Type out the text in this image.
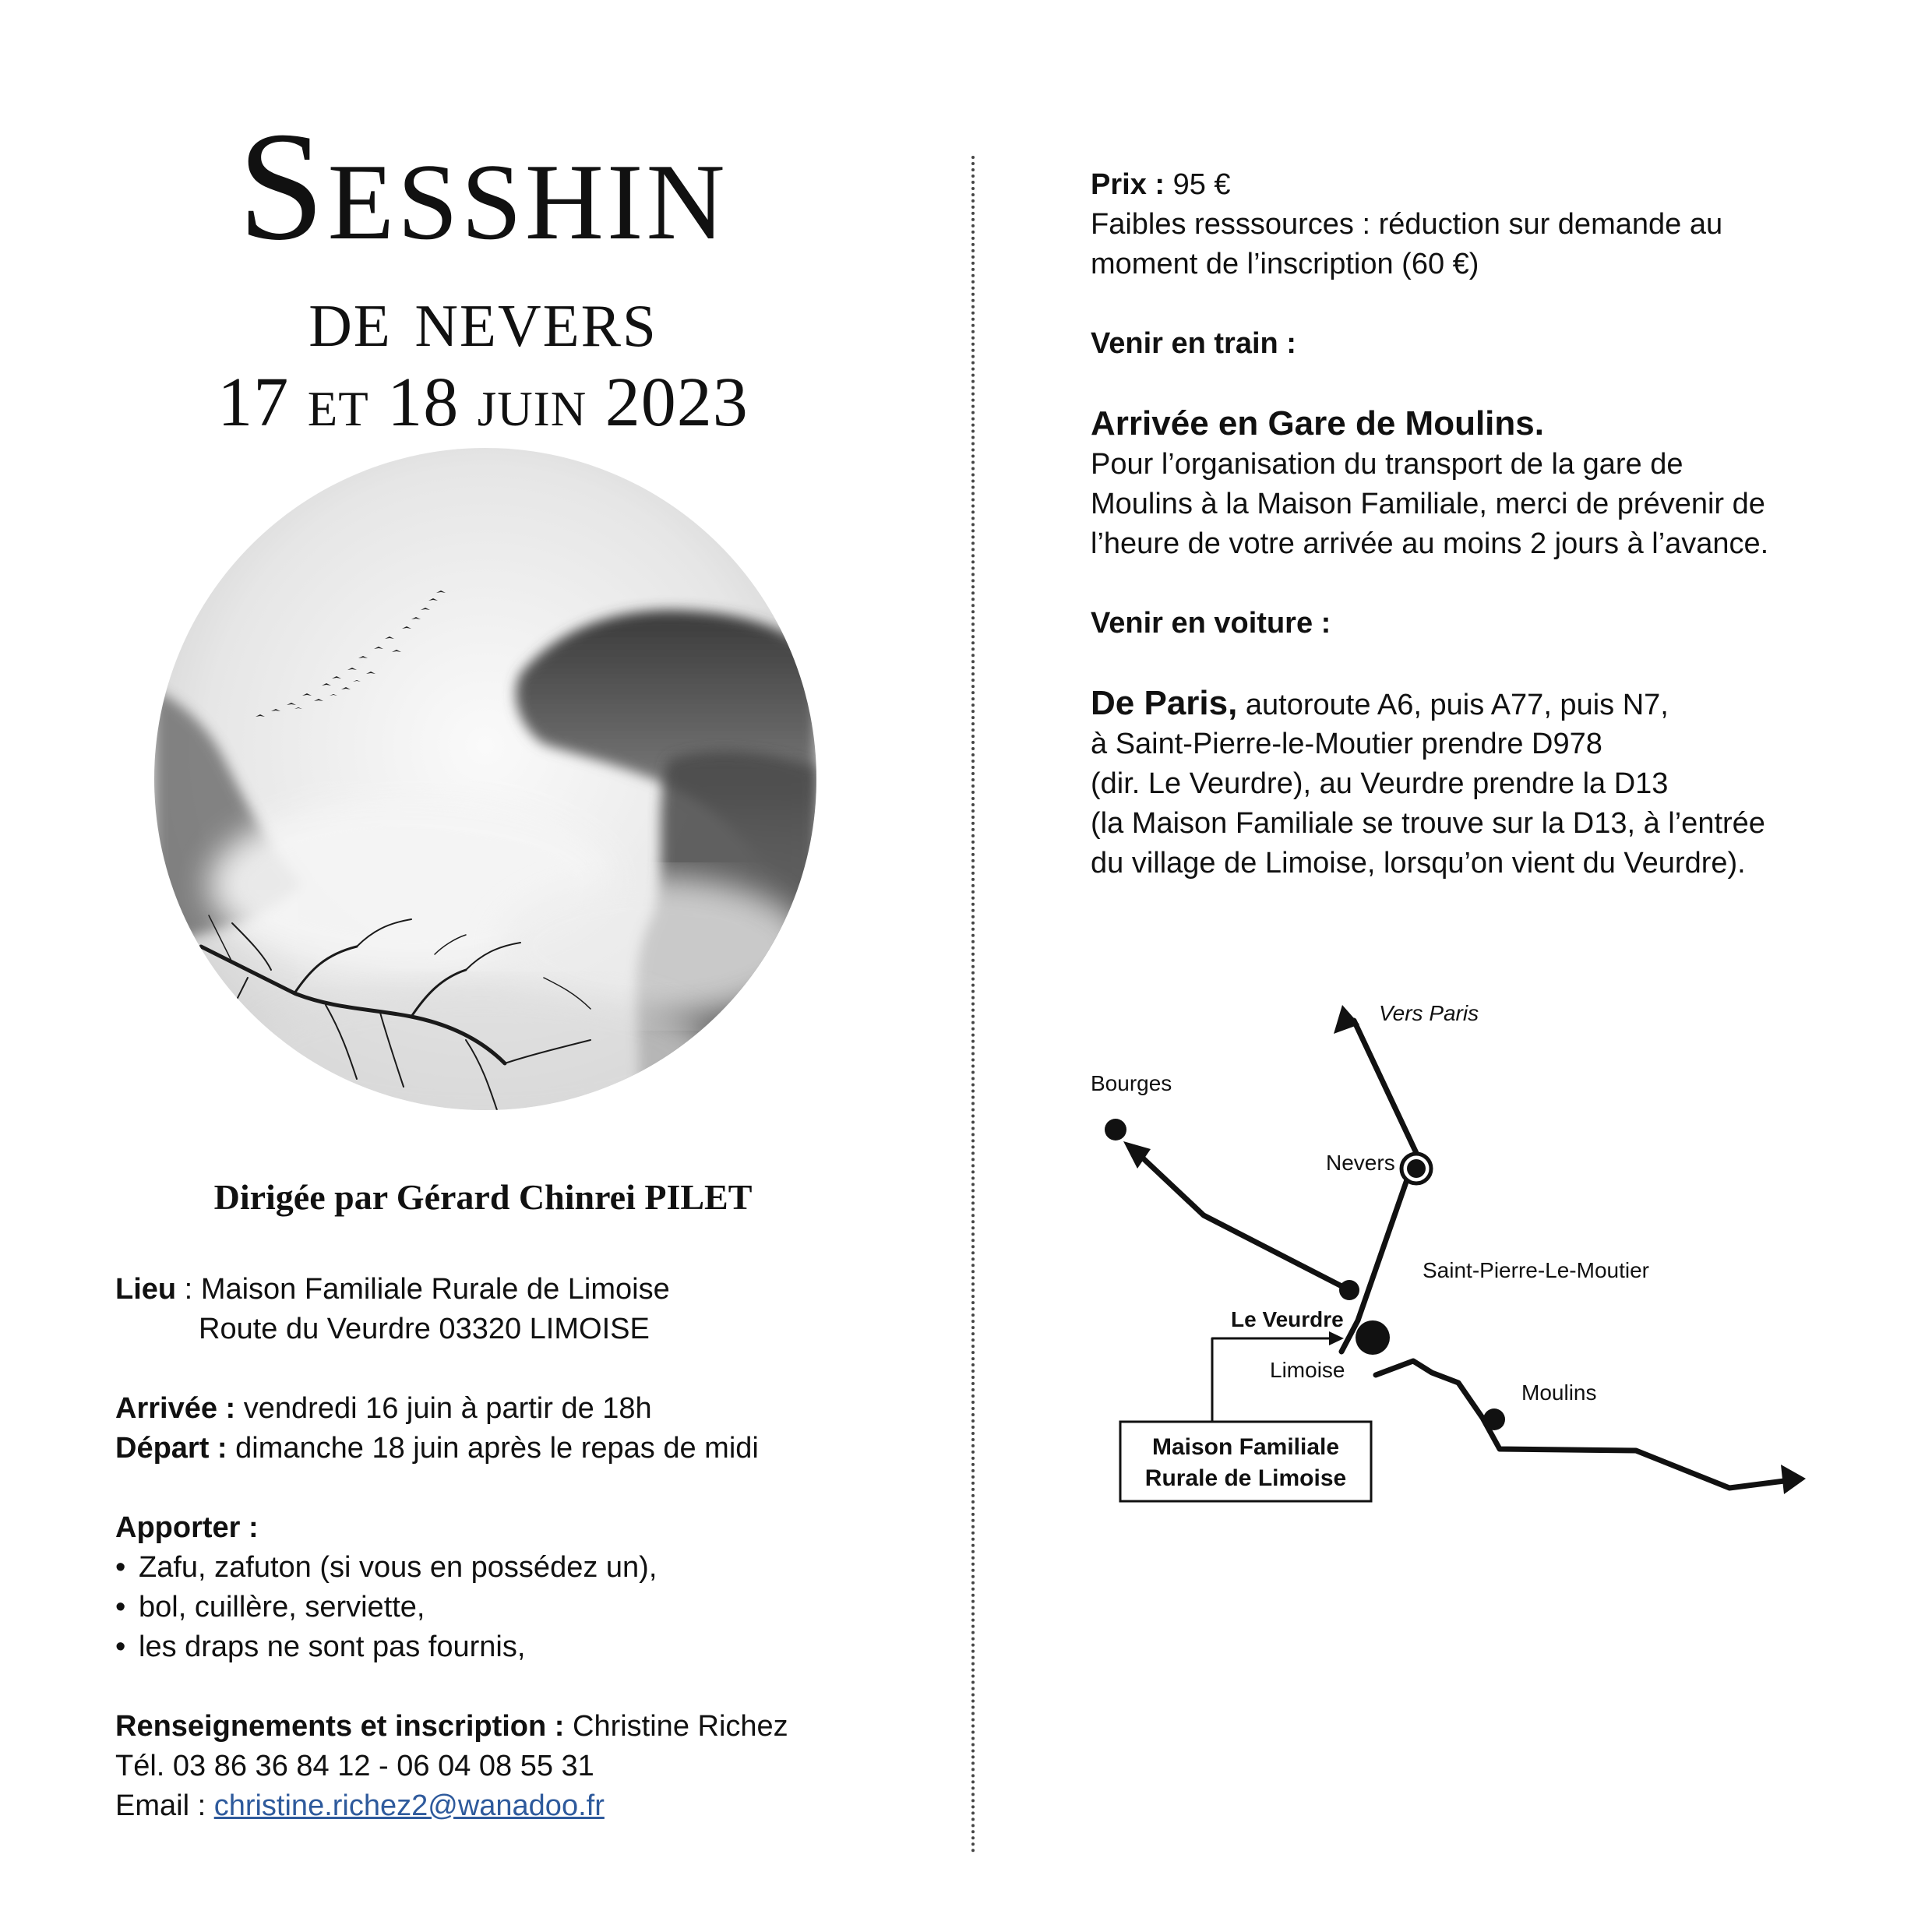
Sesshin
de nevers
17 et 18 juin 2023
Dirigée par Gérard Chinrei PILET
Lieu : Maison Familiale Rurale de Limoise
Route du Veurdre 03320 LIMOISE
Arrivée : vendredi 16 juin à partir de 18h
Départ : dimanche 18 juin après le repas de midi
Apporter :
• Zafu, zafuton (si vous en possédez un),
• bol, cuillère, serviette,
• les draps ne sont pas fournis,
Renseignements et inscription : Christine Richez
Tél. 03 86 36 84 12 - 06 04 08 55 31
Email : christine.richez2@wanadoo.fr
Prix : 95 €
Faibles resssources : réduction sur demande au
moment de l’inscription (60 €)
Venir en train :
Arrivée en Gare de Moulins.
Pour l’organisation du transport de la gare de
Moulins à la Maison Familiale, merci de prévenir de
l’heure de votre arrivée au moins 2 jours à l’avance.
Venir en voiture :
De Paris, autoroute A6, puis A77, puis N7,
à Saint-Pierre-le-Moutier prendre D978
(dir. Le Veurdre), au Veurdre prendre la D13
(la Maison Familiale se trouve sur la D13, à l’entrée
du village de Limoise, lorsqu’on vient du Veurdre).
Vers Paris
Bourges
Nevers
Saint-Pierre-Le-Moutier
Le Veurdre
Limoise
Moulins
Maison Familiale
Rurale de Limoise
